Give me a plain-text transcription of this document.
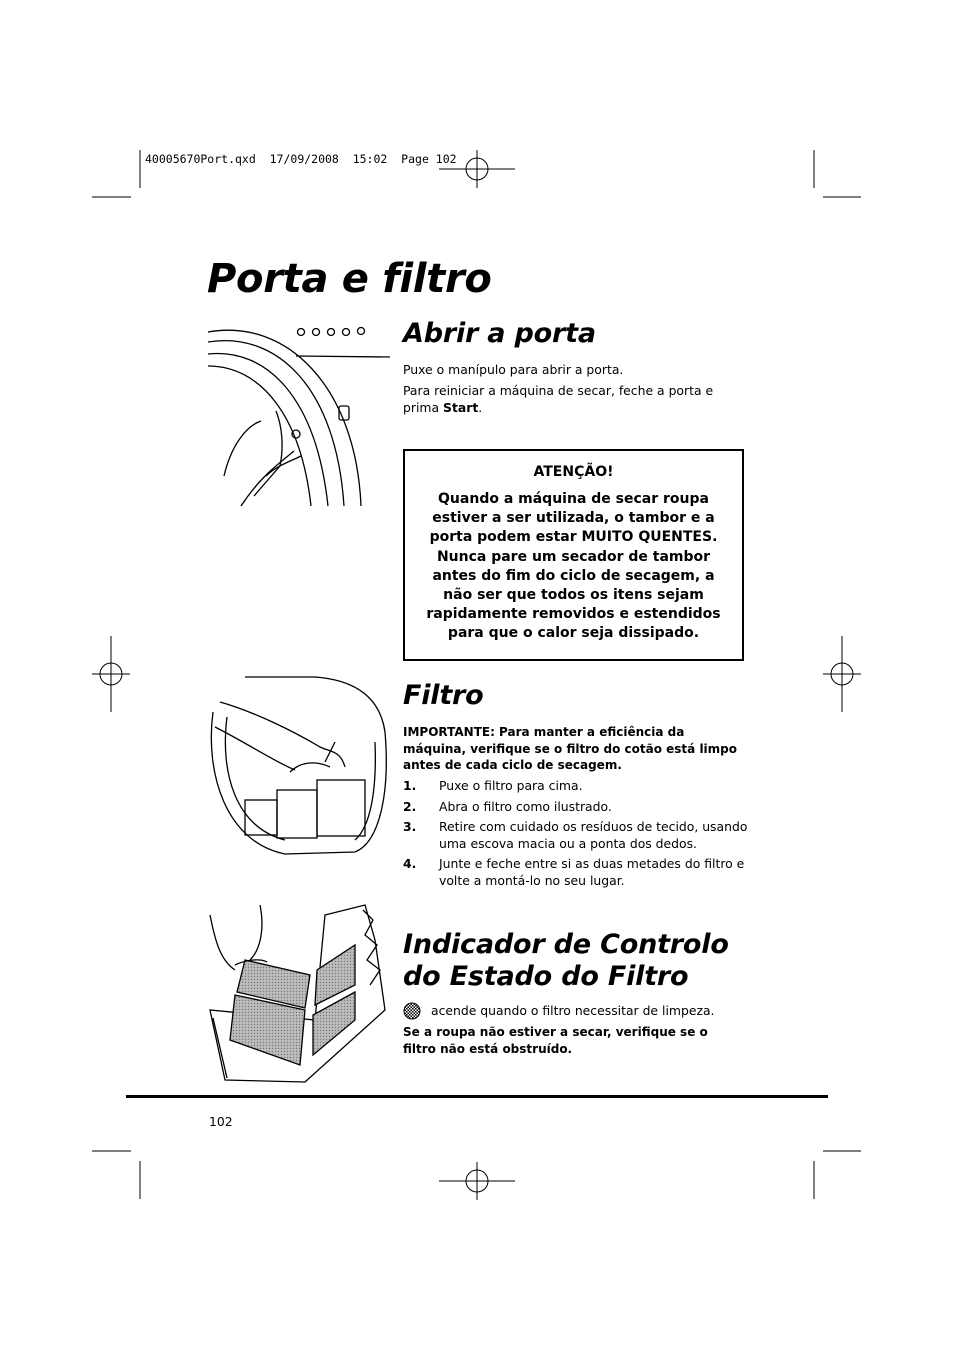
40005670Port.qxd  17/09/2008  15:02  Page 102
Porta e filtro
Abrir a porta

Puxe o manípulo para abrir a porta.

Para reiniciar a máquina de secar, feche a porta e prima Start.

ATENÇÃO!
Quando a máquina de secar roupa estiver a ser utilizada, o tambor e a porta podem estar MUITO QUENTES. Nunca pare um secador de tambor antes do fim do ciclo de secagem, a não ser que todos os itens sejam rapidamente removidos e estendidos para que o calor seja dissipado.
Filtro

IMPORTANTE: Para manter a eficiência da máquina, verifique se o filtro do cotão está limpo antes de cada ciclo de secagem.

1.	Puxe o filtro para cima.
2.	Abra o filtro como ilustrado.
3.	Retire com cuidado os resíduos de tecido, usando uma escova macia ou a ponta dos dedos.
4.	Junte e feche entre si as duas metades do filtro e volte a montá-lo no seu lugar.
Indicador de Controlo do Estado do Filtro

acende quando o filtro necessitar de limpeza.

Se a roupa não estiver a secar, verifique se o filtro não está obstruído.

102
